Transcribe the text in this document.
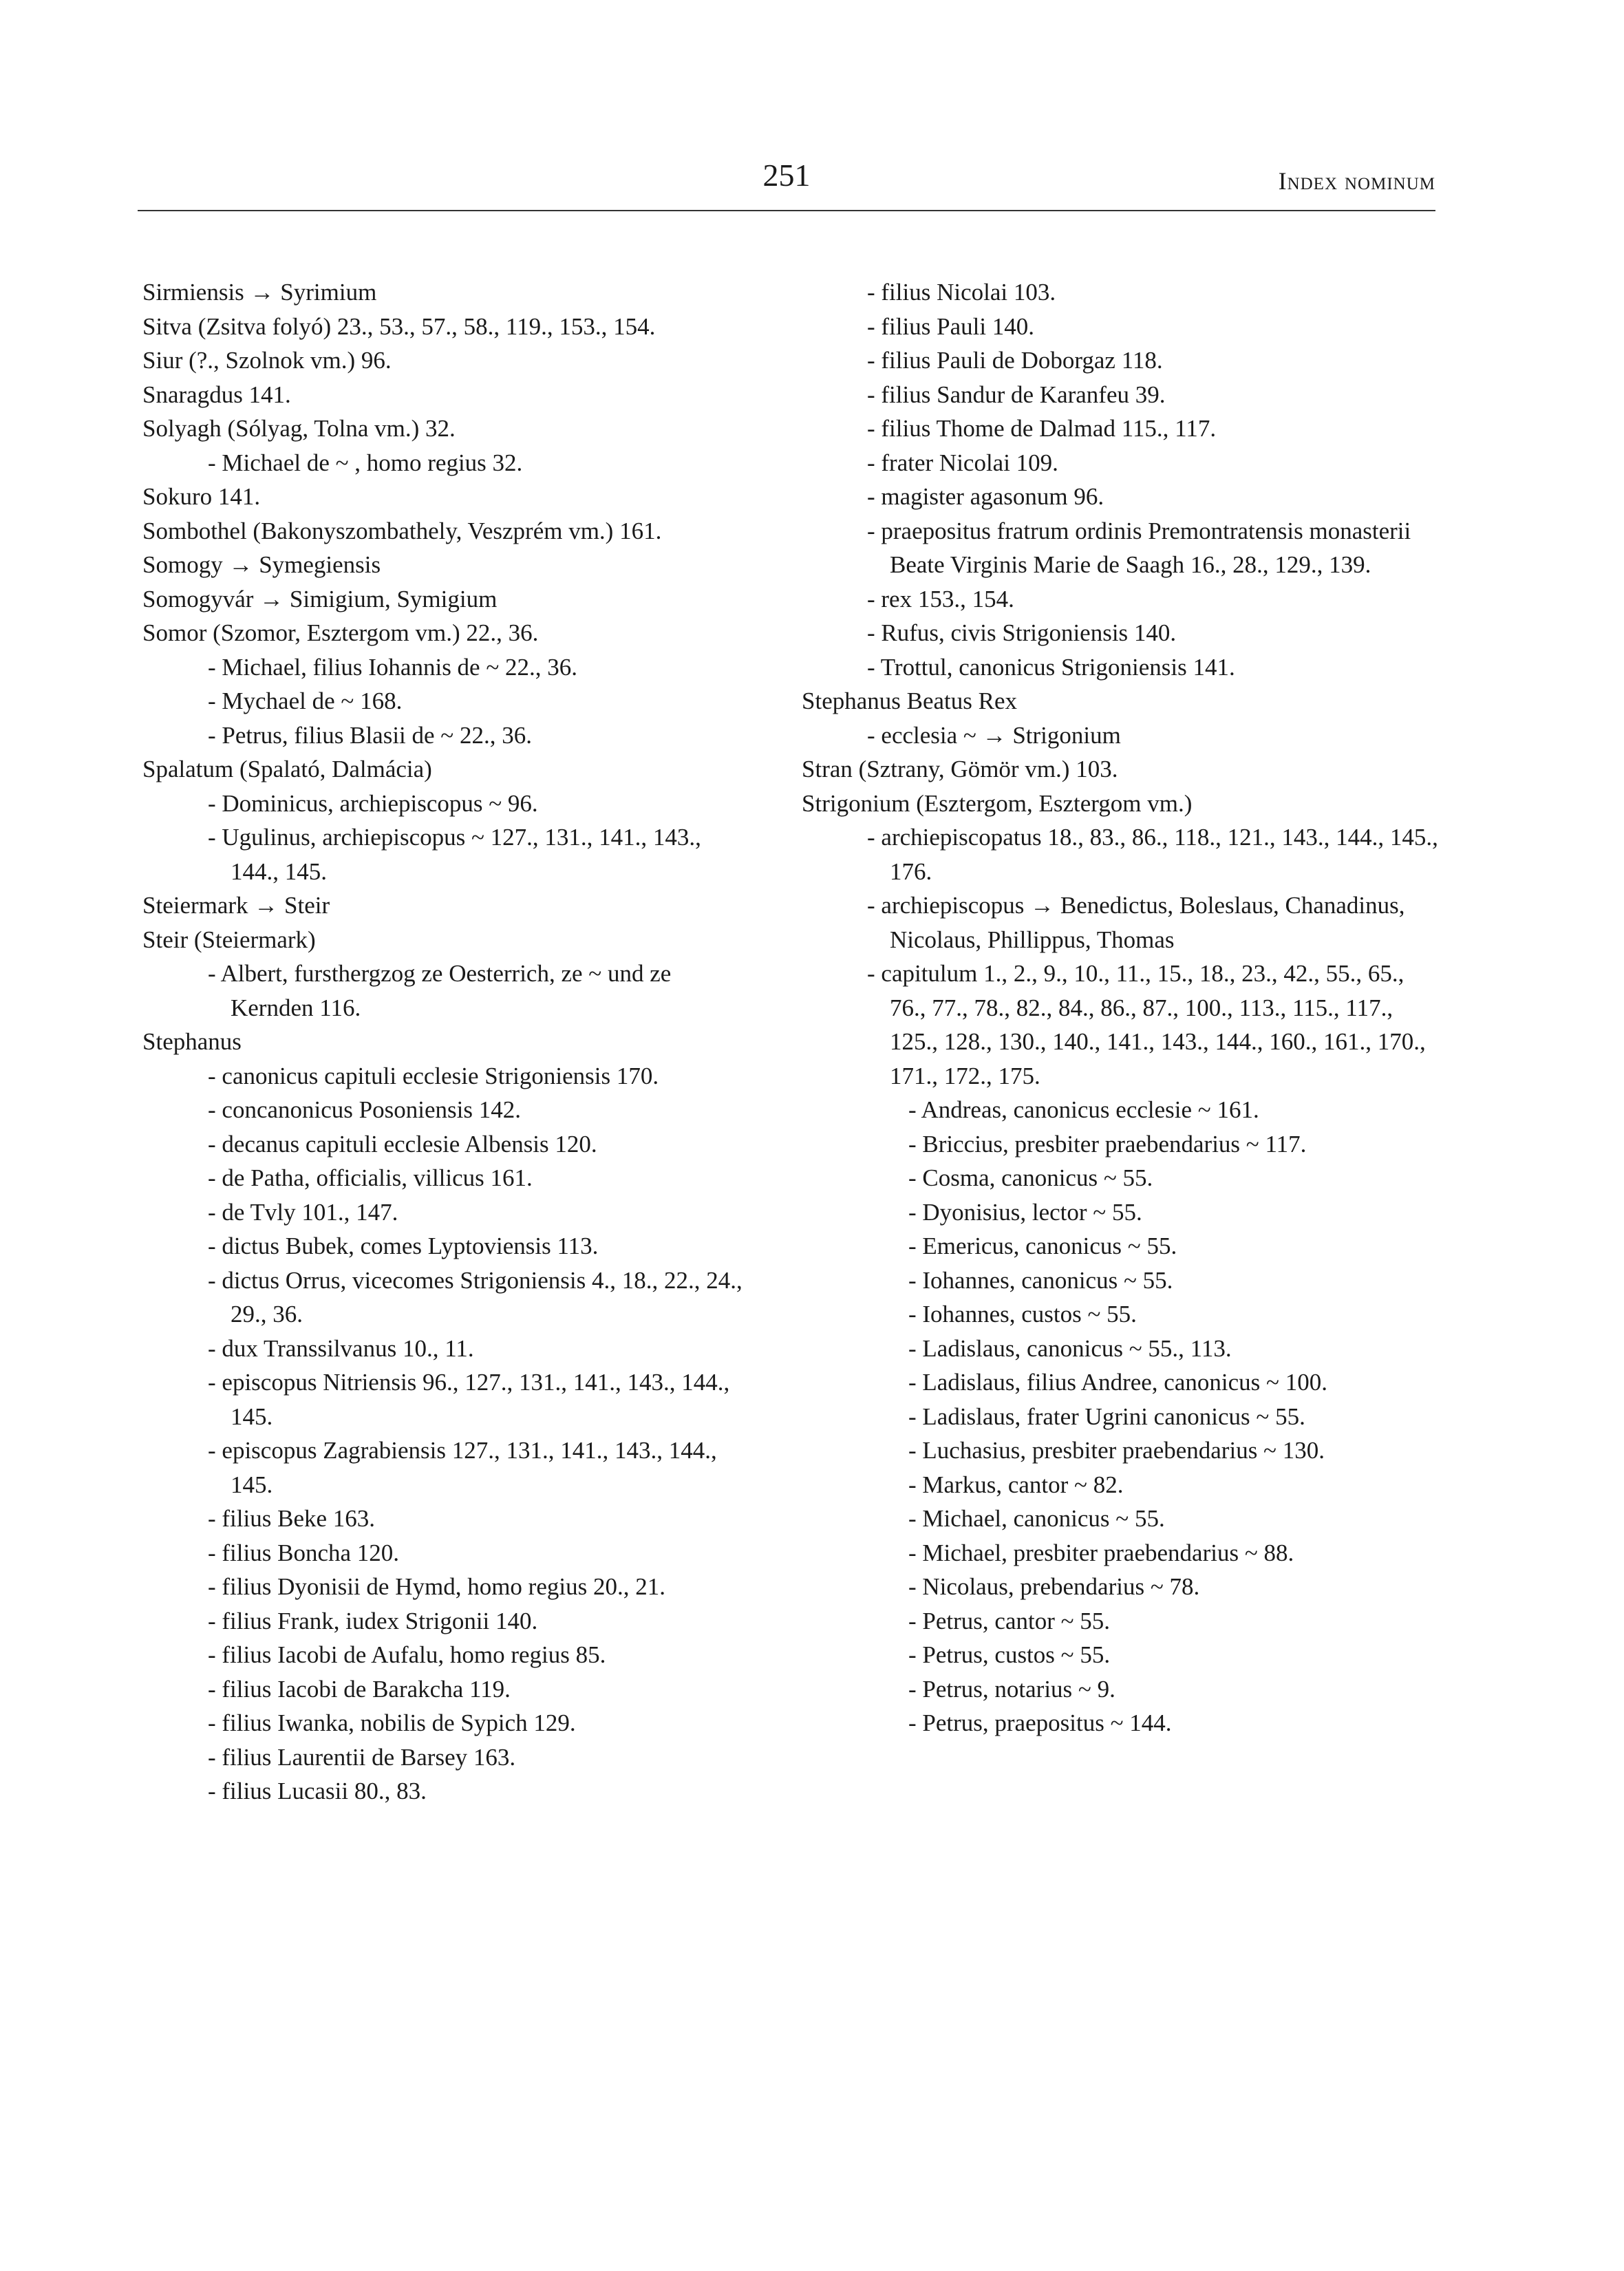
251	Index nominum
Sirmiensis → Syrimium
Sitva (Zsitva folyó) 23., 53., 57., 58., 119., 153., 154.
Siur (?., Szolnok vm.) 96.
Snaragdus 141.
Solyagh (Sólyag, Tolna vm.) 32.
- Michael de ~ , homo regius 32.
Sokuro 141.
Sombothel (Bakonyszombathely, Veszprém vm.) 161.
Somogy → Symegiensis
Somogyvár → Simigium, Symigium
Somor (Szomor, Esztergom vm.) 22., 36.
- Michael, filius Iohannis de ~ 22., 36.
- Mychael de ~ 168.
- Petrus, filius Blasii de ~ 22., 36.
Spalatum (Spalató, Dalmácia)
- Dominicus, archiepiscopus ~ 96.
- Ugulinus, archiepiscopus ~ 127., 131., 141., 143., 144., 145.
Steiermark → Steir
Steir (Steiermark)
- Albert, fursthergzog ze Oesterrich, ze ~ und ze Kernden 116.
Stephanus
- canonicus capituli ecclesie Strigoniensis 170.
- concanonicus Posoniensis 142.
- decanus capituli ecclesie Albensis 120.
- de Patha, officialis, villicus 161.
- de Tvly 101., 147.
- dictus Bubek, comes Lyptoviensis 113.
- dictus Orrus, vicecomes Strigoniensis 4., 18., 22., 24., 29., 36.
- dux Transsilvanus 10., 11.
- episcopus Nitriensis 96., 127., 131., 141., 143., 144., 145.
- episcopus Zagrabiensis 127., 131., 141., 143., 144., 145.
- filius Beke 163.
- filius Boncha 120.
- filius Dyonisii de Hymd, homo regius 20., 21.
- filius Frank, iudex Strigonii 140.
- filius Iacobi de Aufalu, homo regius 85.
- filius Iacobi de Barakcha 119.
- filius Iwanka, nobilis de Sypich 129.
- filius Laurentii de Barsey 163.
- filius Lucasii 80., 83.
- filius Nicolai 103.
- filius Pauli 140.
- filius Pauli de Doborgaz 118.
- filius Sandur de Karanfeu 39.
- filius Thome de Dalmad 115., 117.
- frater Nicolai 109.
- magister agasonum 96.
- praepositus fratrum ordinis Premontratensis monasterii Beate Virginis Marie de Saagh 16., 28., 129., 139.
- rex 153., 154.
- Rufus, civis Strigoniensis 140.
- Trottul, canonicus Strigoniensis 141.
Stephanus Beatus Rex
- ecclesia ~ → Strigonium
Stran (Sztrany, Gömör vm.) 103.
Strigonium (Esztergom, Esztergom vm.)
- archiepiscopatus 18., 83., 86., 118., 121., 143., 144., 145., 176.
- archiepiscopus → Benedictus, Boleslaus, Chanadinus, Nicolaus, Phillippus, Thomas
- capitulum 1., 2., 9., 10., 11., 15., 18., 23., 42., 55., 65., 76., 77., 78., 82., 84., 86., 87., 100., 113., 115., 117., 125., 128., 130., 140., 141., 143., 144., 160., 161., 170., 171., 172., 175.
- Andreas, canonicus ecclesie ~ 161.
- Briccius, presbiter praebendarius ~ 117.
- Cosma, canonicus ~ 55.
- Dyonisius, lector ~ 55.
- Emericus, canonicus ~ 55.
- Iohannes, canonicus ~ 55.
- Iohannes, custos ~ 55.
- Ladislaus, canonicus ~ 55., 113.
- Ladislaus, filius Andree, canonicus ~ 100.
- Ladislaus, frater Ugrini canonicus ~ 55.
- Luchasius, presbiter praebendarius ~ 130.
- Markus, cantor ~ 82.
- Michael, canonicus ~ 55.
- Michael, presbiter praebendarius ~ 88.
- Nicolaus, prebendarius ~ 78.
- Petrus, cantor ~ 55.
- Petrus, custos ~ 55.
- Petrus, notarius ~ 9.
- Petrus, praepositus ~ 144.
